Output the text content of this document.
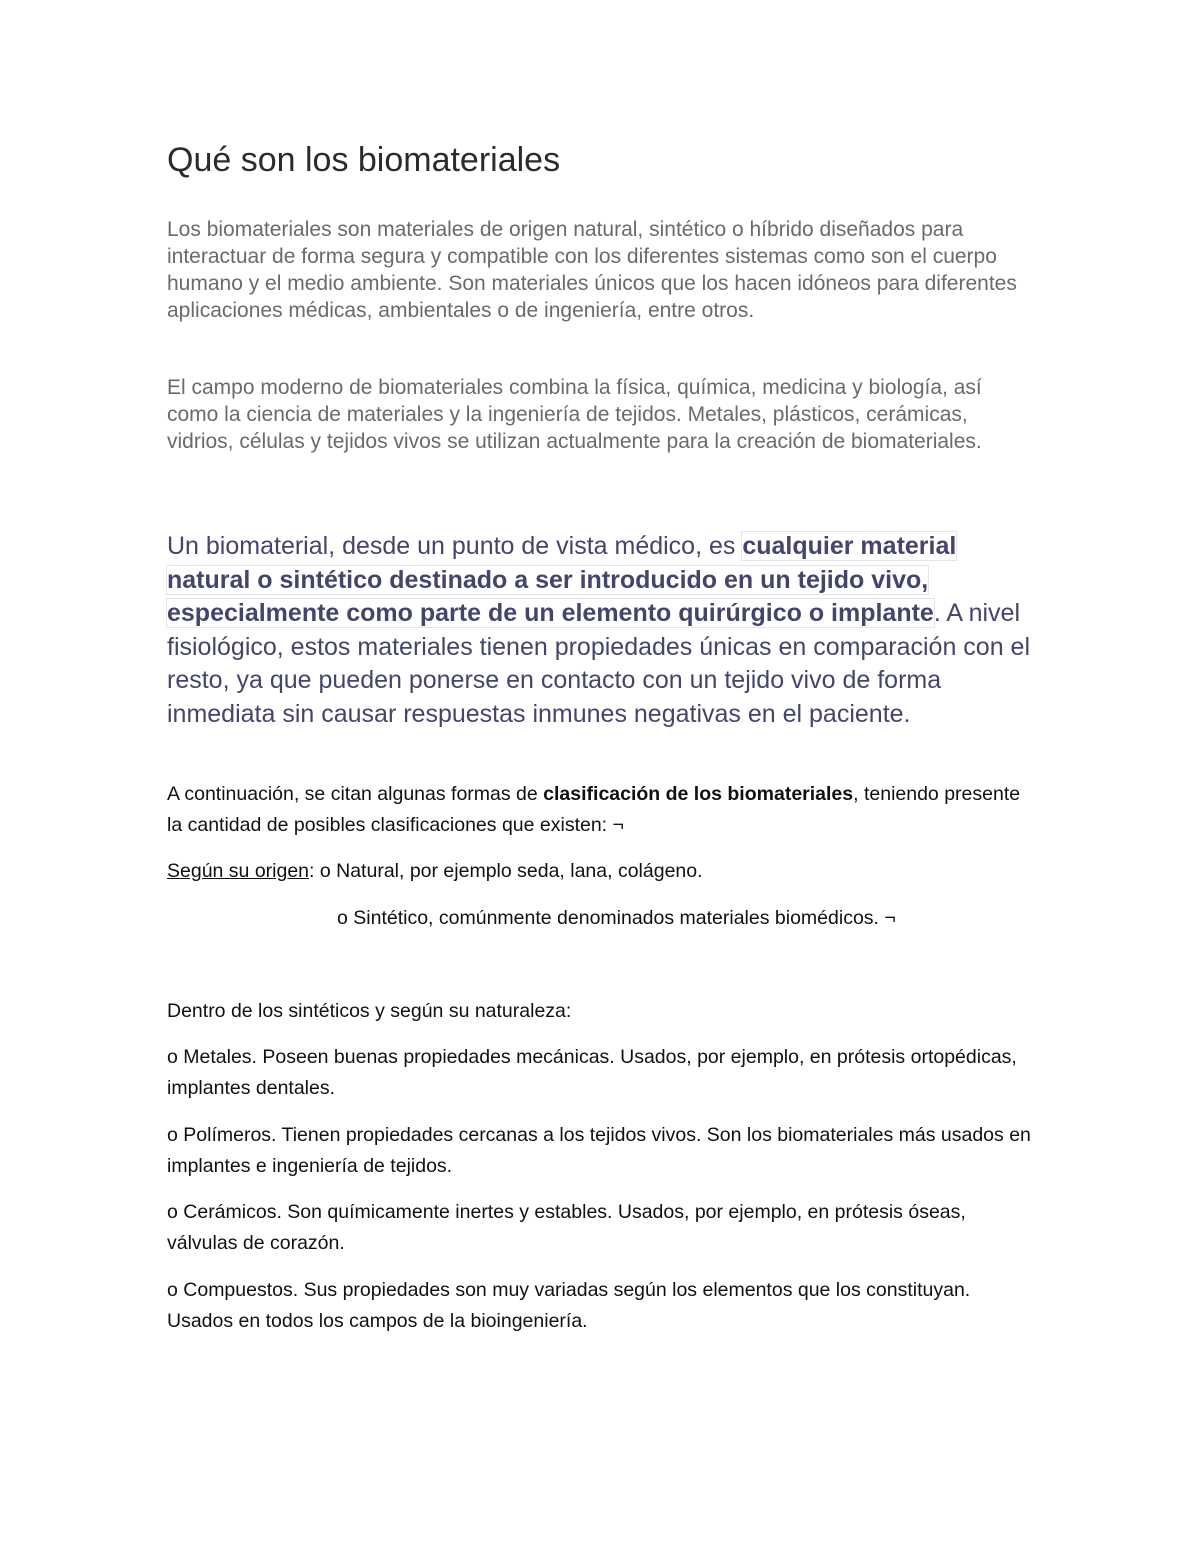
Qué son los biomateriales

Los biomateriales son materiales de origen natural, sintético o híbrido diseñados para interactuar de forma segura y compatible con los diferentes sistemas como son el cuerpo humano y el medio ambiente. Son materiales únicos que los hacen idóneos para diferentes aplicaciones médicas, ambientales o de ingeniería, entre otros.

El campo moderno de biomateriales combina la física, química, medicina y biología, así como la ciencia de materiales y la ingeniería de tejidos. Metales, plásticos, cerámicas, vidrios, células y tejidos vivos se utilizan actualmente para la creación de biomateriales.

Un biomaterial, desde un punto de vista médico, es cualquier material natural o sintético destinado a ser introducido en un tejido vivo, especialmente como parte de un elemento quirúrgico o implante. A nivel fisiológico, estos materiales tienen propiedades únicas en comparación con el resto, ya que pueden ponerse en contacto con un tejido vivo de forma inmediata sin causar respuestas inmunes negativas en el paciente.

A continuación, se citan algunas formas de clasificación de los biomateriales, teniendo presente la cantidad de posibles clasificaciones que existen: ¬

Según su origen: o Natural, por ejemplo seda, lana, colágeno.

o Sintético, comúnmente denominados materiales biomédicos. ¬

Dentro de los sintéticos y según su naturaleza:

o Metales. Poseen buenas propiedades mecánicas. Usados, por ejemplo, en prótesis ortopédicas, implantes dentales.

o Polímeros. Tienen propiedades cercanas a los tejidos vivos. Son los biomateriales más usados en implantes e ingeniería de tejidos.

o Cerámicos. Son químicamente inertes y estables. Usados, por ejemplo, en prótesis óseas, válvulas de corazón.

o Compuestos. Sus propiedades son muy variadas según los elementos que los constituyan. Usados en todos los campos de la bioingeniería.
